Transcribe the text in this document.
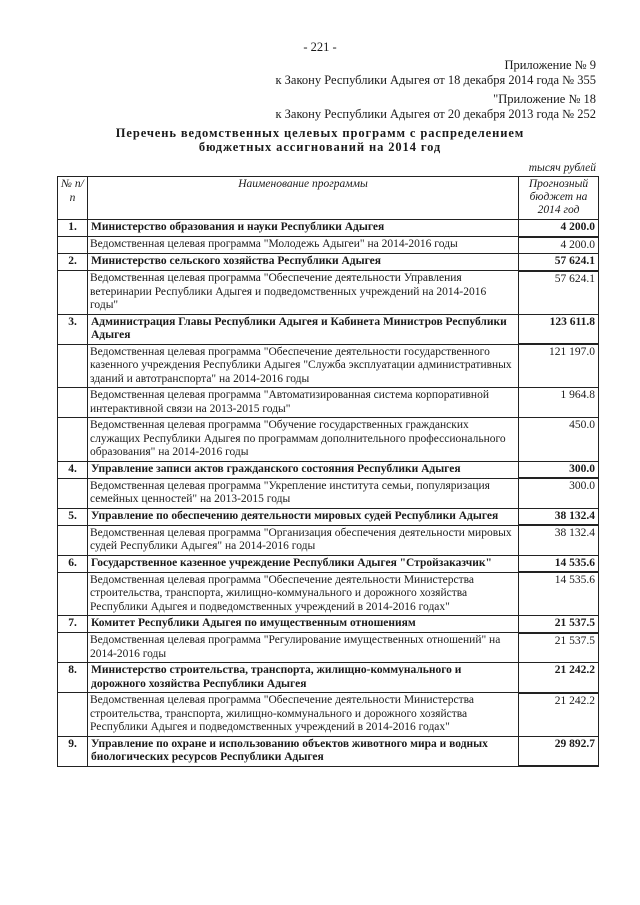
- 221 -
Приложение № 9
к Закону Республики Адыгея от 18 декабря 2014 года № 355
"Приложение № 18
к Закону Республики Адыгея от 20 декабря 2013 года № 252
Перечень ведомственных целевых программ с распределением
бюджетных ассигнований на 2014 год
тысяч рублей
№ п/п	Наименование программы	Прогнозный бюджет на 2014 год
1.	Министерство образования и науки Республики Адыгея	4 200.0
	Ведомственная целевая программа "Молодежь Адыгеи" на 2014-2016 годы	4 200.0
2.	Министерство сельского хозяйства Республики Адыгея	57 624.1
	Ведомственная целевая программа "Обеспечение деятельности Управления ветеринарии Республики Адыгея и подведомственных учреждений на 2014-2016 годы"	57 624.1
3.	Администрация Главы Республики Адыгея и Кабинета Министров Республики Адыгея	123 611.8
	Ведомственная целевая программа "Обеспечение деятельности государственного казенного учреждения Республики Адыгея "Служба эксплуатации административных зданий и автотранспорта" на 2014-2016 годы	121 197.0
	Ведомственная целевая программа "Автоматизированная система корпоративной интерактивной связи на 2013-2015 годы"	1 964.8
	Ведомственная целевая программа "Обучение государственных гражданских служащих Республики Адыгея по программам дополнительного профессионального образования" на 2014-2016 годы	450.0
4.	Управление записи актов гражданского состояния Республики Адыгея	300.0
	Ведомственная целевая программа "Укрепление института семьи, популяризация семейных ценностей" на 2013-2015 годы	300.0
5.	Управление по обеспечению деятельности мировых судей Республики Адыгея	38 132.4
	Ведомственная целевая программа "Организация обеспечения деятельности мировых судей Республики Адыгея" на 2014-2016 годы	38 132.4
6.	Государственное казенное учреждение Республики Адыгея "Стройзаказчик"	14 535.6
	Ведомственная целевая программа "Обеспечение деятельности Министерства строительства, транспорта, жилищно-коммунального и дорожного хозяйства Республики Адыгея и подведомственных учреждений в 2014-2016 годах"	14 535.6
7.	Комитет Республики Адыгея по имущественным отношениям	21 537.5
	Ведомственная целевая программа "Регулирование имущественных отношений" на 2014-2016 годы	21 537.5
8.	Министерство строительства, транспорта, жилищно-коммунального и дорожного хозяйства Республики Адыгея	21 242.2
	Ведомственная целевая программа "Обеспечение деятельности Министерства строительства, транспорта, жилищно-коммунального и дорожного хозяйства Республики Адыгея и подведомственных учреждений в 2014-2016 годах"	21 242.2
9.	Управление по охране и использованию объектов животного мира и водных биологических ресурсов Республики Адыгея	29 892.7
